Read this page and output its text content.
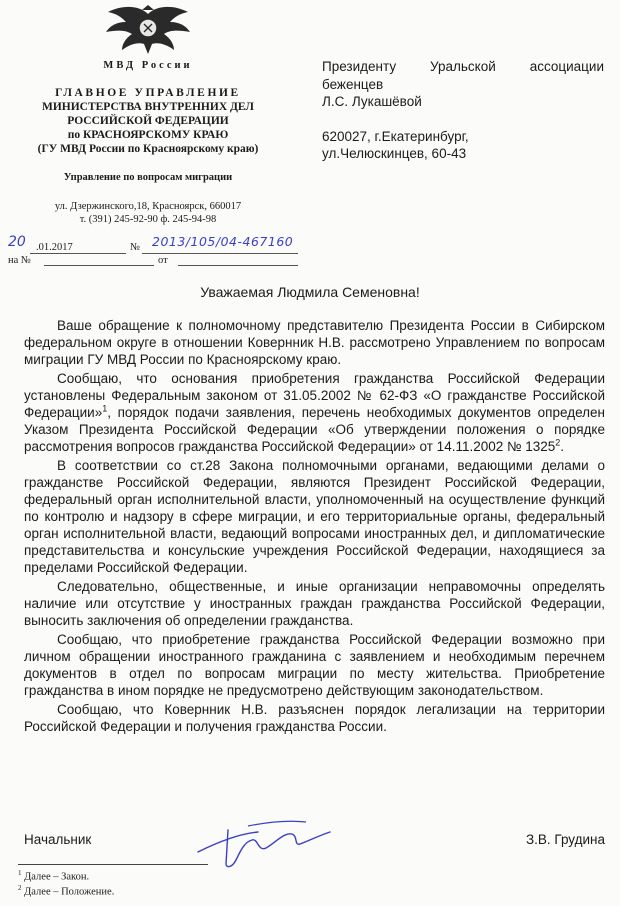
МВД России
ГЛАВНОЕ УПРАВЛЕНИЕ
МИНИСТЕРСТВА ВНУТРЕННИХ ДЕЛ
РОССИЙСКОЙ ФЕДЕРАЦИИ
по КРАСНОЯРСКОМУ КРАЮ
(ГУ МВД России по Красноярскому краю)
Управление по вопросам миграции
ул. Дзержинского,18, Красноярск, 660017
т. (391) 245-92-90 ф. 245-94-98
20 .01.2017	№ 2013/105/04-467160
на №	от
Президенту Уральской ассоциации
беженцев
Л.С. Лукашёвой
620027, г.Екатеринбург,
ул.Челюскинцев, 60-43
Уважаемая Людмила Семеновна!

Ваше обращение к полномочному представителю Президента России в Сибирском федеральном округе в отношении Ковернник Н.В. рассмотрено Управлением по вопросам миграции ГУ МВД России по Красноярскому краю.

Сообщаю, что основания приобретения гражданства Российской Федерации установлены Федеральным законом от 31.05.2002 № 62-ФЗ «О гражданстве Российской Федерации»$^1$, порядок подачи заявления, перечень необходимых документов определен Указом Президента Российской Федерации «Об утверждении положения о порядке рассмотрения вопросов гражданства Российской Федерации» от 14.11.2002 № 1325$^2$.

В соответствии со ст.28 Закона полномочными органами, ведающими делами о гражданстве Российской Федерации, являются Президент Российской Федерации, федеральный орган исполнительной власти, уполномоченный на осуществление функций по контролю и надзору в сфере миграции, и его территориальные органы, федеральный орган исполнительной власти, ведающий вопросами иностранных дел, и дипломатические представительства и консульские учреждения Российской Федерации, находящиеся за пределами Российской Федерации.

Следовательно, общественные, и иные организации неправомочны определять наличие или отсутствие у иностранных граждан гражданства Российской Федерации, выносить заключения об определении гражданства.

Сообщаю, что приобретение гражданства Российской Федерации возможно при личном обращении иностранного гражданина с заявлением и необходимым перечнем документов в отдел по вопросам миграции по месту жительства. Приобретение гражданства в ином порядке не предусмотрено действующим законодательством.

Сообщаю, что Ковернник Н.В. разъяснен порядок легализации на территории Российской Федерации и получения гражданства России.

Начальник	З.В. Грудина
$^1$ Далее – Закон.
$^2$ Далее – Положение.
